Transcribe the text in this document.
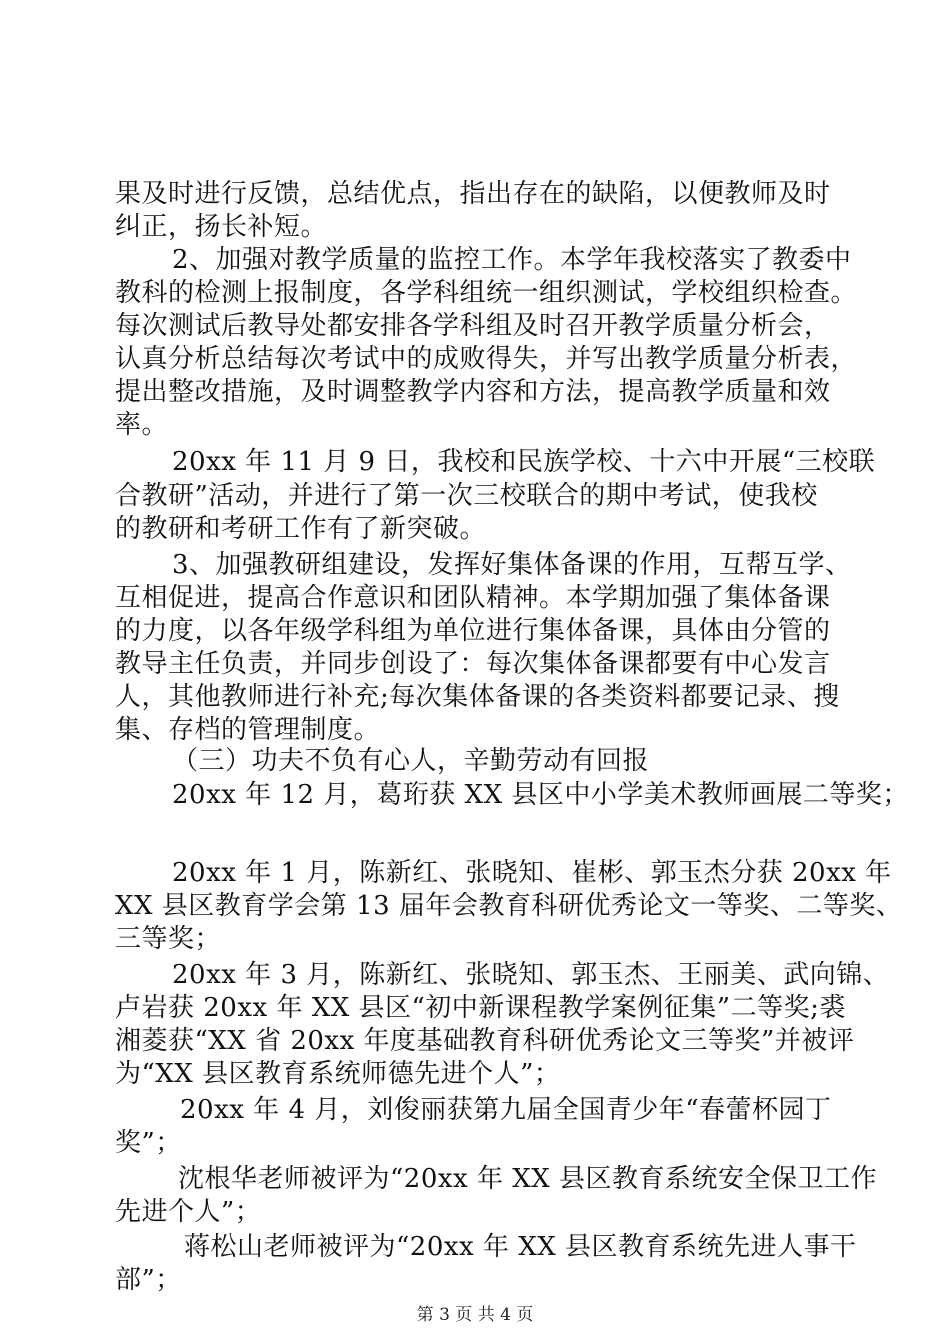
果及时进行反馈，总结优点，指出存在的缺陷，以便教师及时
纠正，扬长补短。
2、加强对教学质量的监控工作。本学年我校落实了教委中
教科的检测上报制度，各学科组统一组织测试，学校组织检查。
每次测试后教导处都安排各学科组及时召开教学质量分析会，
认真分析总结每次考试中的成败得失，并写出教学质量分析表，
提出整改措施，及时调整教学内容和方法，提高教学质量和效
率。
20xx 年 11 月 9 日，我校和民族学校、十六中开展“三校联
合教研”活动，并进行了第一次三校联合的期中考试，使我校
的教研和考研工作有了新突破。
3、加强教研组建设，发挥好集体备课的作用，互帮互学、
互相促进，提高合作意识和团队精神。本学期加强了集体备课
的力度，以各年级学科组为单位进行集体备课，具体由分管的
教导主任负责，并同步创设了：每次集体备课都要有中心发言
人，其他教师进行补充;每次集体备课的各类资料都要记录、搜
集、存档的管理制度。
（三）功夫不负有心人，辛勤劳动有回报
20xx 年 12 月，葛珩获 XX 县区中小学美术教师画展二等奖；
20xx 年 1 月，陈新红、张晓知、崔彬、郭玉杰分获 20xx 年
XX 县区教育学会第 13 届年会教育科研优秀论文一等奖、二等奖、
三等奖；
20xx 年 3 月，陈新红、张晓知、郭玉杰、王丽美、武向锦、
卢岩获 20xx 年 XX 县区“初中新课程教学案例征集”二等奖;裘
湘菱获“XX 省 20xx 年度基础教育科研优秀论文三等奖”并被评
为“XX 县区教育系统师德先进个人”；
20xx 年 4 月，刘俊丽获第九届全国青少年“春蕾杯园丁
奖”；
沈根华老师被评为“20xx 年 XX 县区教育系统安全保卫工作
先进个人”；
蒋松山老师被评为“20xx 年 XX 县区教育系统先进人事干
部”；
第 3 页 共 4 页
